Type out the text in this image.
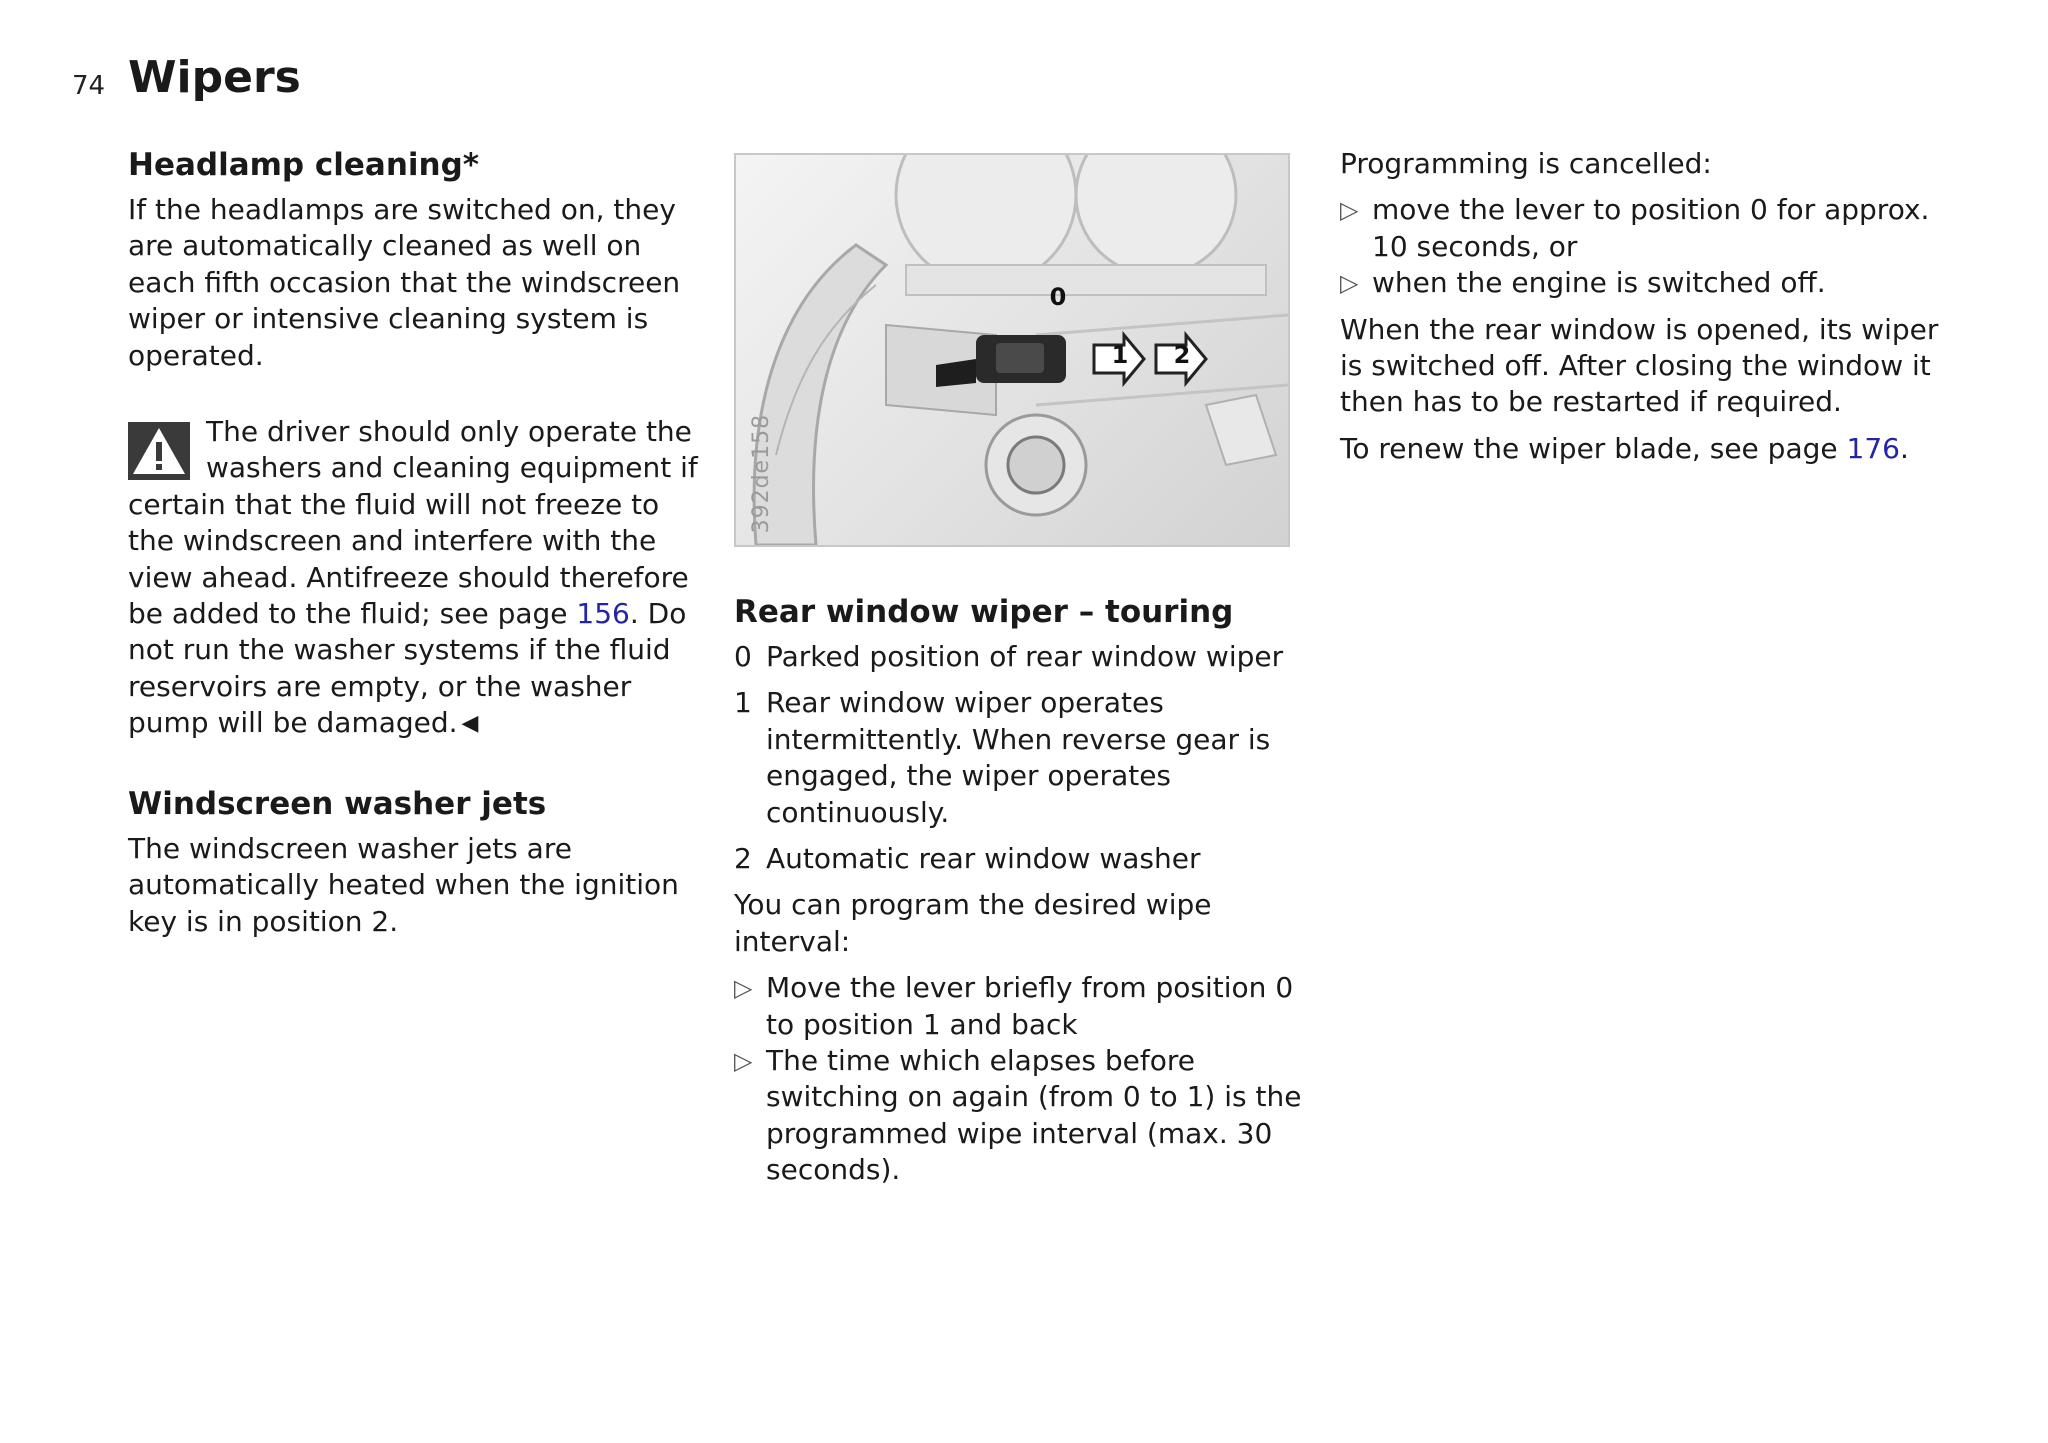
74 Wipers
Headlamp cleaning*

If the headlamps are switched on, they are automatically cleaned as well on each fifth occasion that the windscreen wiper or intensive cleaning system is operated.

The driver should only operate the washers and cleaning equipment if certain that the fluid will not freeze to the windscreen and interfere with the view ahead. Antifreeze should therefore be added to the fluid; see page 156. Do not run the washer systems if the fluid reservoirs are empty, or the washer pump will be damaged. ◀
Windscreen washer jets

The windscreen washer jets are automatically heated when the ignition key is in position 2.

0
1 2
392de158
Rear window wiper – touring
0 Parked position of rear window wiper
1 Rear window wiper operates intermittently. When reverse gear is engaged, the wiper operates continuously.
2 Automatic rear window washer

You can program the desired wipe interval:

▷ Move the lever briefly from position 0 to position 1 and back
▷ The time which elapses before switching on again (from 0 to 1) is the programmed wipe interval (max. 30 seconds).

Programming is cancelled:

▷ move the lever to position 0 for approx. 10 seconds, or
▷ when the engine is switched off.

When the rear window is opened, its wiper is switched off. After closing the window it then has to be restarted if required.

To renew the wiper blade, see page 176.
